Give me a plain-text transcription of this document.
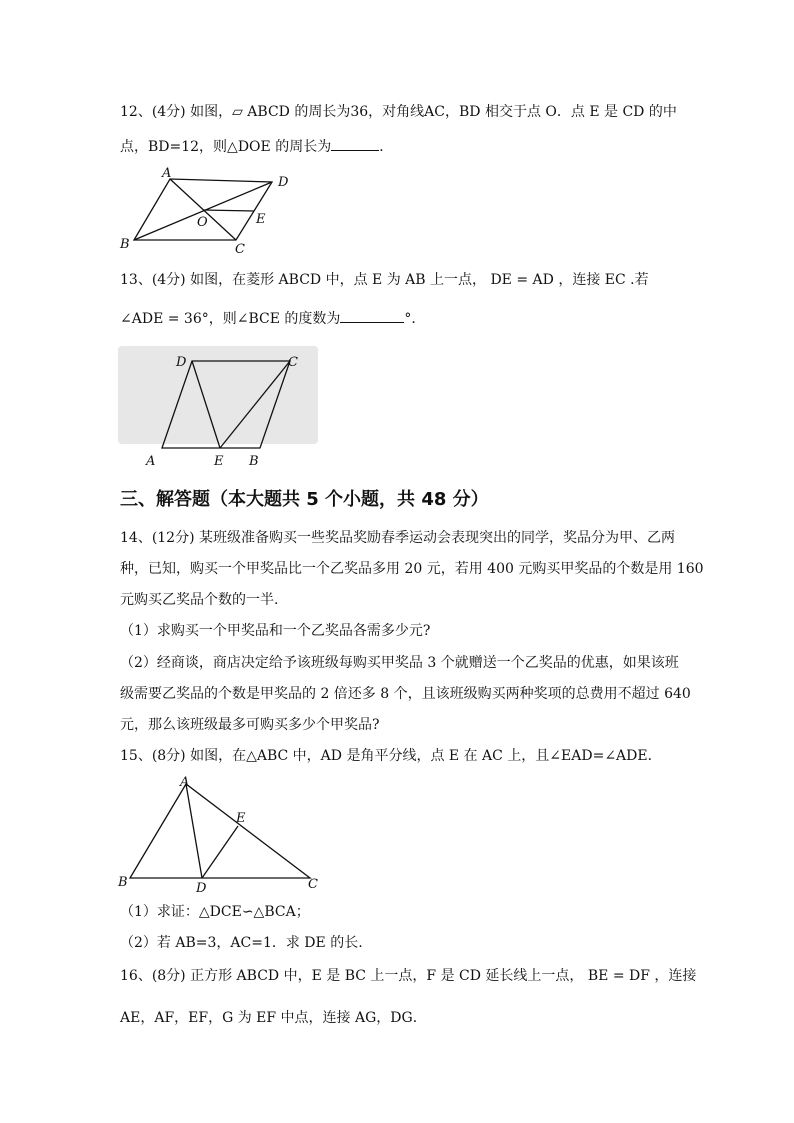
12、(4分) 如图，▱ ABCD 的周长为36，对角线AC，BD 相交于点 O．点 E 是 CD 的中
点，BD=12，则△DOE 的周长为	．
A
D
B	C
O	E
13、(4分) 如图，在菱形 ABCD 中，点 E 为 AB 上一点， DE = AD ，连接 EC .若
∠ADE = 36°，则∠BCE 的度数为	°．
D	C
A	E B
三、解答题（本大题共 5 个小题，共 48 分）
14、(12分) 某班级准备购买一些奖品奖励春季运动会表现突出的同学，奖品分为甲、乙两
种，已知，购买一个甲奖品比一个乙奖品多用 20 元，若用 400 元购买甲奖品的个数是用 160
元购买乙奖品个数的一半.
（1）求购买一个甲奖品和一个乙奖品各需多少元?
（2）经商谈，商店决定给予该班级每购买甲奖品 3 个就赠送一个乙奖品的优惠，如果该班
级需要乙奖品的个数是甲奖品的 2 倍还多 8 个，且该班级购买两种奖项的总费用不超过 640
元，那么该班级最多可购买多少个甲奖品?
15、(8分) 如图，在△ABC 中，AD 是角平分线，点 E 在 AC 上，且∠EAD=∠ADE．
A
E
B	D	C
（1）求证：△DCE∽△BCA；
（2）若 AB=3，AC=1．求 DE 的长.
16、(8分) 正方形 ABCD 中，E 是 BC 上一点，F 是 CD 延长线上一点， BE = DF ，连接
AE，AF，EF，G 为 EF 中点，连接 AG，DG．
